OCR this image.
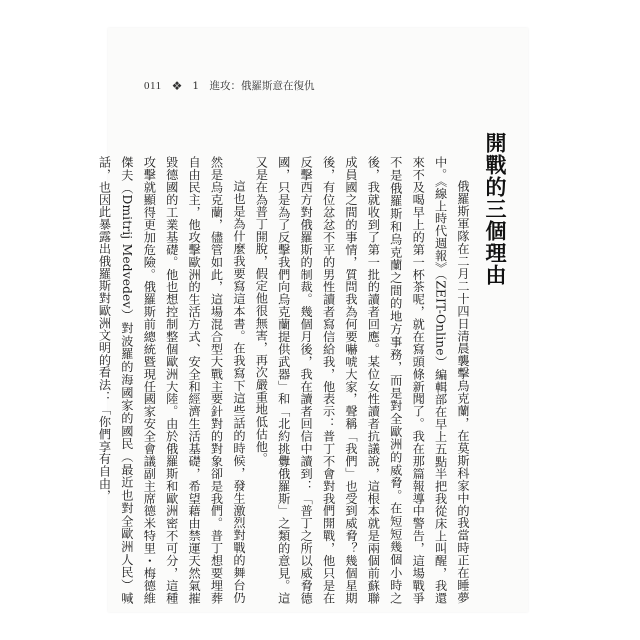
011 ❖ 1　進攻：俄羅斯意在復仇
開戰的三個理由

俄羅斯軍隊在二月二十四日清晨襲擊烏克蘭，在莫斯科家中的我當時正在睡夢中。《線上時代週報》（ZEIT-Online）編輯部在早上五點半把我從床上叫醒，我還來不及喝早上的第一杯茶呢，就在寫頭條新聞了。我在那篇報導中警告，這場戰爭不是俄羅斯和烏克蘭之間的地方事務，而是對全歐洲的威脅。在短短幾個小時之後，我就收到了第一批的讀者回應。某位女性讀者抗議說，這根本就是兩個前蘇聯成員國之間的事情，質問我為何要嚇唬大家，聲稱「我們」也受到威脅？幾個星期後，有位忿忿不平的男性讀者寫信給我，他表示：普丁不會對我們開戰，他只是在反擊西方對俄羅斯的制裁。幾個月後，我在讀者回信中讀到：「普丁之所以威脅德國，只是為了反擊我們向烏克蘭提供武器」和「北約挑釁俄羅斯」之類的意見。這又是在為普丁開脫，假定他很無害，再次嚴重地低估他。

這也是為什麼我要寫這本書。在我寫下這些話的時候，發生激烈對戰的舞台仍然是烏克蘭，儘管如此，這場混合型大戰主要針對的對象卻是我們。普丁想要埋葬自由民主，他攻擊歐洲的生活方式、安全和經濟生活基礎，希望藉由禁運天然氣摧毀德國的工業基礎。他也想控制整個歐洲大陸。由於俄羅斯和歐洲密不可分，這種攻擊就顯得更加危險。俄羅斯前總統暨現任國家安全會議副主席德米特里・梅德維傑夫（Dmitrij Medvedev）對波羅的海國家的國民（最近也對全歐洲人民）喊話，也因此暴露出俄羅斯對歐洲文明的看法：「你們享有自由，
